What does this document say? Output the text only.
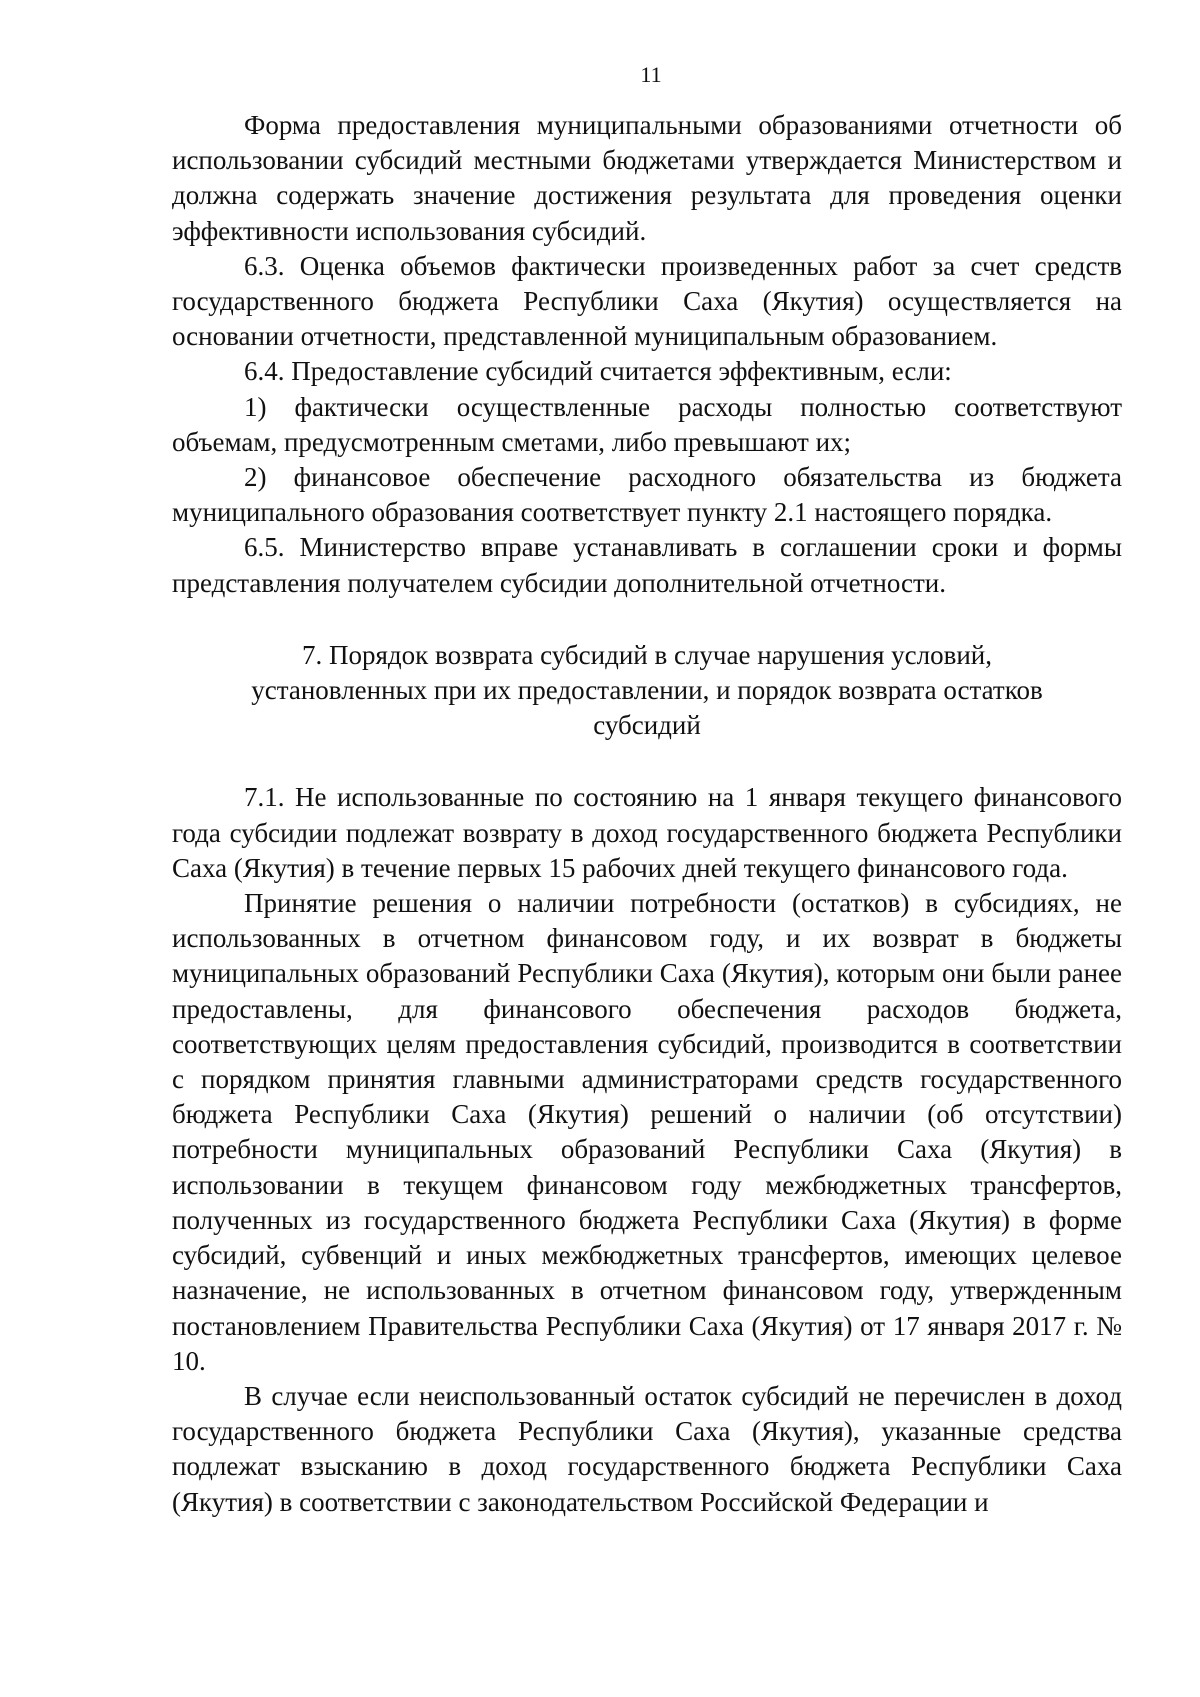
11

Форма предоставления муниципальными образованиями отчетности об использовании субсидий местными бюджетами утверждается Министерством и должна содержать значение достижения результата для проведения оценки эффективности использования субсидий.

6.3. Оценка объемов фактически произведенных работ за счет средств государственного бюджета Республики Саха (Якутия) осуществляется на основании отчетности, представленной муниципальным образованием.

6.4. Предоставление субсидий считается эффективным, если:

1) фактически осуществленные расходы полностью соответствуют объемам, предусмотренным сметами, либо превышают их;

2) финансовое обеспечение расходного обязательства из бюджета муниципального образования соответствует пункту 2.1 настоящего порядка.

6.5. Министерство вправе устанавливать в соглашении сроки и формы представления получателем субсидии дополнительной отчетности.

7. Порядок возврата субсидий в случае нарушения условий,
установленных при их предоставлении, и порядок возврата остатков
субсидий

7.1. Не использованные по состоянию на 1 января текущего финансового года субсидии подлежат возврату в доход государственного бюджета Республики Саха (Якутия) в течение первых 15 рабочих дней текущего финансового года.

Принятие решения о наличии потребности (остатков) в субсидиях, не использованных в отчетном финансовом году, и их возврат в бюджеты муниципальных образований Республики Саха (Якутия), которым они были ранее предоставлены, для финансового обеспечения расходов бюджета, соответствующих целям предоставления субсидий, производится в соответствии с порядком принятия главными администраторами средств государственного бюджета Республики Саха (Якутия) решений о наличии (об отсутствии) потребности муниципальных образований Республики Саха (Якутия) в использовании в текущем финансовом году межбюджетных трансфертов, полученных из государственного бюджета Республики Саха (Якутия) в форме субсидий, субвенций и иных межбюджетных трансфертов, имеющих целевое назначение, не использованных в отчетном финансовом году, утвержденным постановлением Правительства Республики Саха (Якутия) от 17 января 2017 г. № 10.

В случае если неиспользованный остаток субсидий не перечислен в доход государственного бюджета Республики Саха (Якутия), указанные средства подлежат взысканию в доход государственного бюджета Республики Саха (Якутия) в соответствии с законодательством Российской Федерации и
